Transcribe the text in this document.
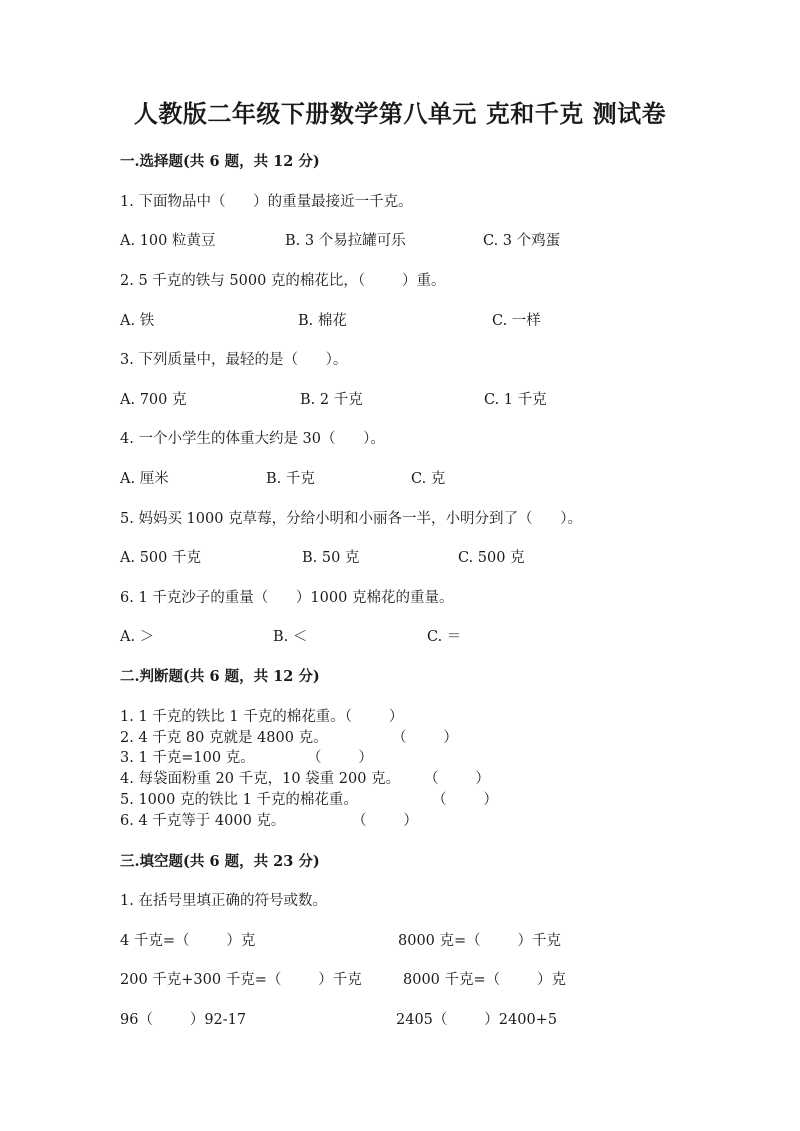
人教版二年级下册数学第八单元 克和千克 测试卷
一.选择题(共 6 题，共 12 分)
1. 下面物品中（      ）的重量最接近一千克。
A. 100 粒黄豆	B. 3 个易拉罐可乐	C. 3 个鸡蛋
2. 5 千克的铁与 5000 克的棉花比，（        ）重。
A. 铁	B. 棉花	C. 一样
3. 下列质量中，最轻的是（      ）。
A. 700 克	B. 2 千克	C. 1 千克
4. 一个小学生的体重大约是 30（      ）。
A. 厘米	B. 千克	C. 克
5. 妈妈买 1000 克草莓，分给小明和小丽各一半，小明分到了（      ）。
A. 500 千克	B. 50 克	C. 500 克
6. 1 千克沙子的重量（      ）1000 克棉花的重量。
A. ＞	B. ＜	C. ＝
二.判断题(共 6 题，共 12 分)
1. 1 千克的铁比 1 千克的棉花重。（        ）
2. 4 千克 80 克就是 4800 克。	（        ）
3. 1 千克=100 克。	（        ）
4. 每袋面粉重 20 千克，10 袋重 200 克。 （        ）
5. 1000 克的铁比 1 千克的棉花重。	（        ）
6. 4 千克等于 4000 克。	（        ）
三.填空题(共 6 题，共 23 分)
1. 在括号里填正确的符号或数。
4 千克=（        ）克	8000 克=（        ）千克
200 千克+300 千克=（        ）千克	8000 千克=（        ）克
96（        ）92-17	2405（        ）2400+5
